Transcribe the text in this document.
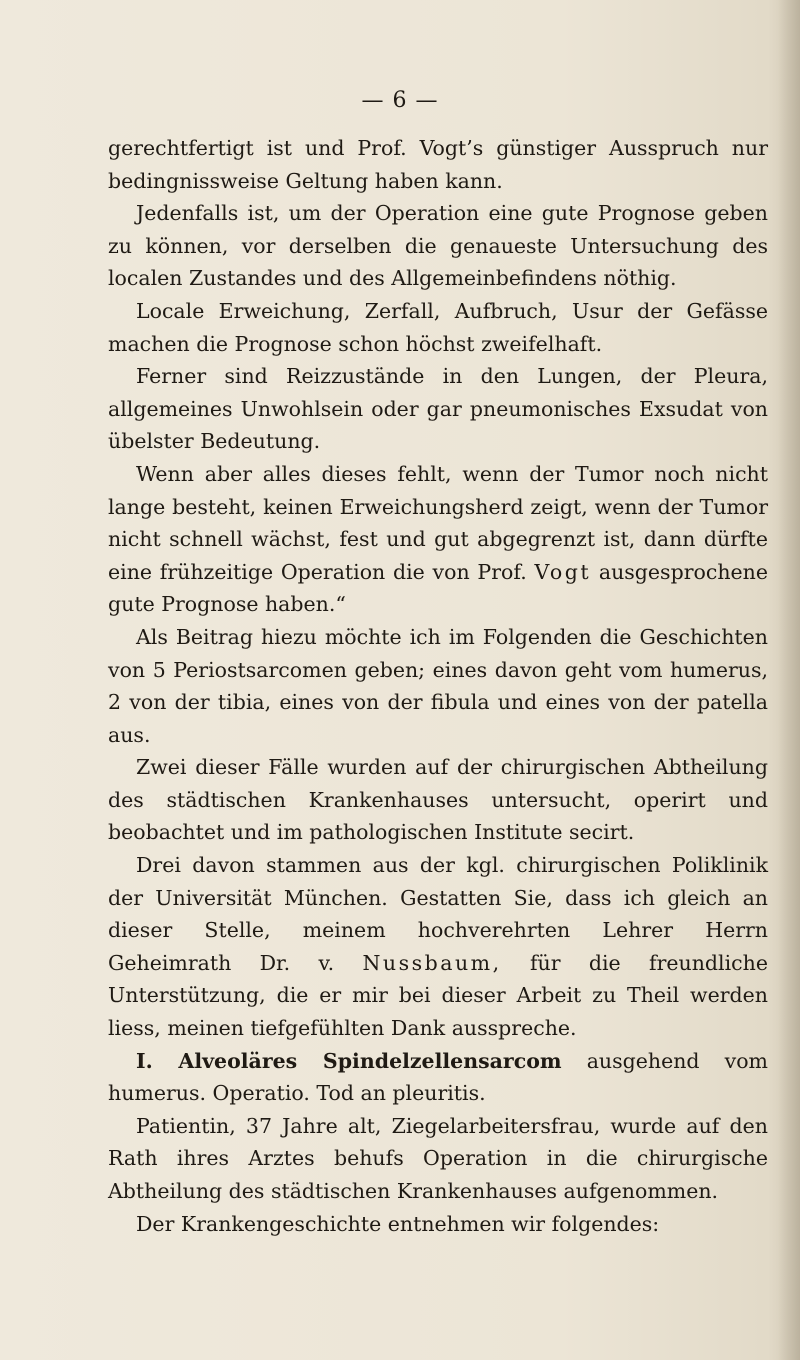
— 6 —

gerechtfertigt ist und Prof. Vogt’s günstiger Ausspruch nur bedingnissweise Geltung haben kann.

Jedenfalls ist, um der Operation eine gute Prognose geben zu können, vor derselben die genaueste Untersuchung des localen Zustandes und des Allgemeinbefindens nöthig.

Locale Erweichung, Zerfall, Aufbruch, Usur der Gefässe machen die Prognose schon höchst zweifelhaft.

Ferner sind Reizzustände in den Lungen, der Pleura, allgemeines Unwohlsein oder gar pneumonisches Exsudat von übelster Bedeutung.

Wenn aber alles dieses fehlt, wenn der Tumor noch nicht lange besteht, keinen Erweichungsherd zeigt, wenn der Tumor nicht schnell wächst, fest und gut abgegrenzt ist, dann dürfte eine frühzeitige Operation die von Prof. Vogt ausgesprochene gute Prognose haben.“

Als Beitrag hiezu möchte ich im Folgenden die Geschichten von 5 Periostsarcomen geben; eines davon geht vom humerus, 2 von der tibia, eines von der fibula und eines von der patella aus.

Zwei dieser Fälle wurden auf der chirurgischen Abtheilung des städtischen Krankenhauses untersucht, operirt und beobachtet und im pathologischen Institute secirt.

Drei davon stammen aus der kgl. chirurgischen Poliklinik der Universität München. Gestatten Sie, dass ich gleich an dieser Stelle, meinem hochverehrten Lehrer Herrn Geheimrath Dr. v. Nussbaum, für die freundliche Unterstützung, die er mir bei dieser Arbeit zu Theil werden liess, meinen tiefgefühlten Dank ausspreche.

I. Alveoläres Spindelzellensarcom ausgehend vom humerus. Operatio. Tod an pleuritis.

Patientin, 37 Jahre alt, Ziegelarbeitersfrau, wurde auf den Rath ihres Arztes behufs Operation in die chirurgische Abtheilung des städtischen Krankenhauses aufgenommen.

Der Krankengeschichte entnehmen wir folgendes:
